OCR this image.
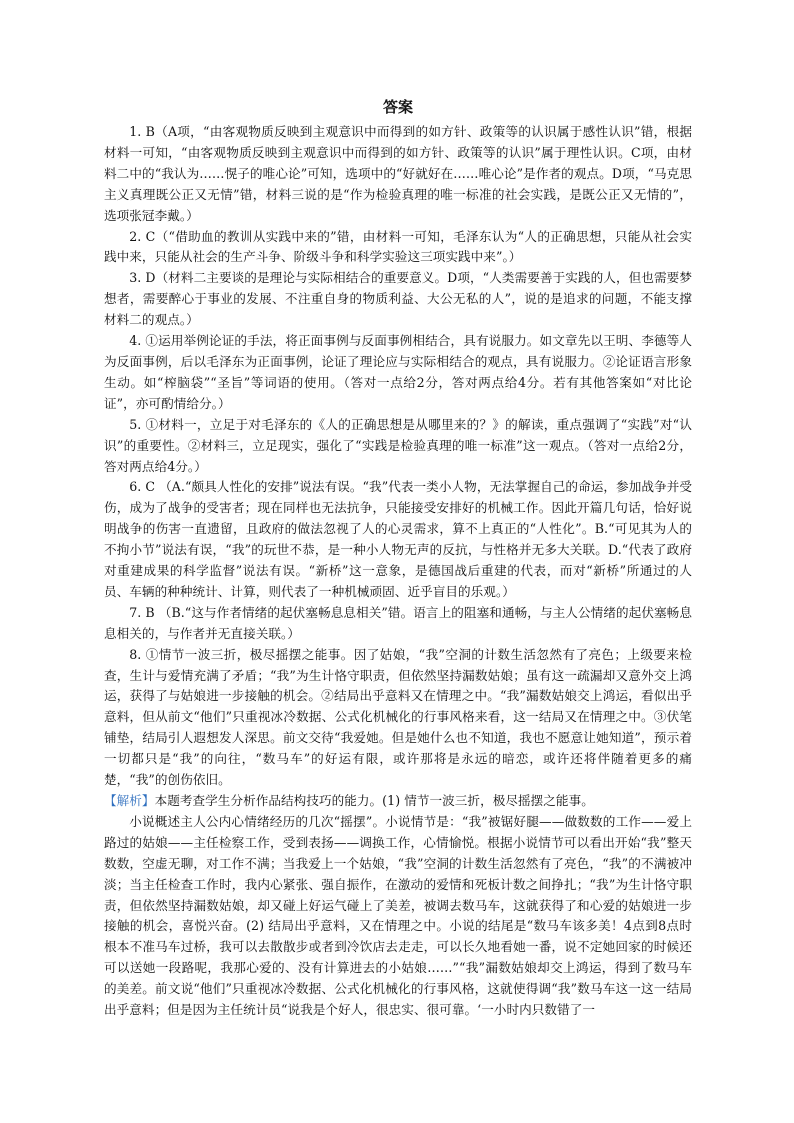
答案

1. B（A项，“由客观物质反映到主观意识中而得到的如方针、政策等的认识属于感性认识”错，根据材料一可知，“由客观物质反映到主观意识中而得到的如方针、政策等的认识”属于理性认识。C项，由材料二中的“我认为……愰子的唯心论”可知，选项中的“好就好在……唯心论”是作者的观点。D项，“马克思主义真理既公正又无情”错，材料三说的是“作为检验真理的唯一标准的社会实践，是既公正又无情的”，选项张冠李戴。）

2. C（“借助血的教训从实践中来的”错，由材料一可知，毛泽东认为“人的正确思想，只能从社会实践中来，只能从社会的生产斗争、阶级斗争和科学实验这三项实践中来”。）

3. D（材料二主要谈的是理论与实际相结合的重要意义。D项，“人类需要善于实践的人，但也需要梦想者，需要醉心于事业的发展、不注重自身的物质利益、大公无私的人”，说的是追求的问题，不能支撑材料二的观点。）

4. ①运用举例论证的手法，将正面事例与反面事例相结合，具有说服力。如文章先以王明、李德等人为反面事例，后以毛泽东为正面事例，论证了理论应与实际相结合的观点，具有说服力。②论证语言形象生动。如“榨脑袋”“圣旨”等词语的使用。（答对一点给2分，答对两点给4分。若有其他答案如“对比论证”，亦可酌情给分。）

5. ①材料一，立足于对毛泽东的《人的正确思想是从哪里来的？》的解读，重点强调了“实践”对“认识”的重要性。②材料三，立足现实，强化了“实践是检验真理的唯一标准”这一观点。（答对一点给2分，答对两点给4分。）

6. C （A.“颇具人性化的安排”说法有误。“我”代表一类小人物，无法掌握自己的命运，参加战争并受伤，成为了战争的受害者；现在同样也无法抗争，只能接受安排好的机械工作。因此开篇几句话，恰好说明战争的伤害一直遗留，且政府的做法忽视了人的心灵需求，算不上真正的“人性化”。B.“可见其为人的不拘小节”说法有误，“我”的玩世不恭，是一种小人物无声的反抗，与性格并无多大关联。D.“代表了政府对重建成果的科学监督”说法有误。“新桥”这一意象，是德国战后重建的代表，而对“新桥”所通过的人员、车辆的种种统计、计算，则代表了一种机械顽固、近乎盲目的乐观。）

7. B （B.“这与作者情绪的起伏塞畅息息相关”错。语言上的阻塞和通畅，与主人公情绪的起伏塞畅息息相关的，与作者并无直接关联。）

8. ①情节一波三折，极尽摇摆之能事。因了姑娘，“我”空洞的计数生活忽然有了亮色；上级要来检查，生计与爱情充满了矛盾；“我”为生计恪守职责，但依然坚持漏数姑娘；虽有这一疏漏却又意外交上鸿运，获得了与姑娘进一步接触的机会。②结局出乎意料又在情理之中。“我”漏数姑娘交上鸿运，看似出乎意料，但从前文“他们”只重视冰冷数据、公式化机械化的行事风格来看，这一结局又在情理之中。③伏笔铺垫，结局引人遐想发人深思。前文交待“我爱她。但是她什么也不知道，我也不愿意让她知道”，预示着一切都只是“我”的向往，“数马车”的好运有限，或许那将是永远的暗恋，或许还将伴随着更多的痛楚，“我”的创伤依旧。

【解析】本题考查学生分析作品结构技巧的能力。(1) 情节一波三折，极尽摇摆之能事。

小说概述主人公内心情绪经历的几次“摇摆”。小说情节是：“我”被锯好腿——做数数的工作——爱上路过的姑娘——主任检察工作，受到表扬——调换工作，心情愉悦。根据小说情节可以看出开始“我”整天数数，空虚无聊，对工作不满；当我爱上一个姑娘，“我”空洞的计数生活忽然有了亮色，“我”的不满被冲淡；当主任检查工作时，我内心紧张、强自振作，在激动的爱情和死板计数之间挣扎；“我”为生计恪守职责，但依然坚持漏数姑娘，却又碰上好运气碰上了美差，被调去数马车，这就获得了和心爱的姑娘进一步接触的机会，喜悦兴奋。(2) 结局出乎意料，又在情理之中。小说的结尾是“数马车该多美！4点到8点时根本不准马车过桥，我可以去散散步或者到冷饮店去走走，可以长久地看她一番，说不定她回家的时候还可以送她一段路呢，我那心爱的、没有计算进去的小姑娘……”“我”漏数姑娘却交上鸿运，得到了数马车的美差。前文说“他们”只重视冰冷数据、公式化机械化的行事风格，这就使得调“我”数马车这一这一结局出乎意料；但是因为主任统计员“说我是个好人，很忠实、很可靠。‘一小时内只数错了一
